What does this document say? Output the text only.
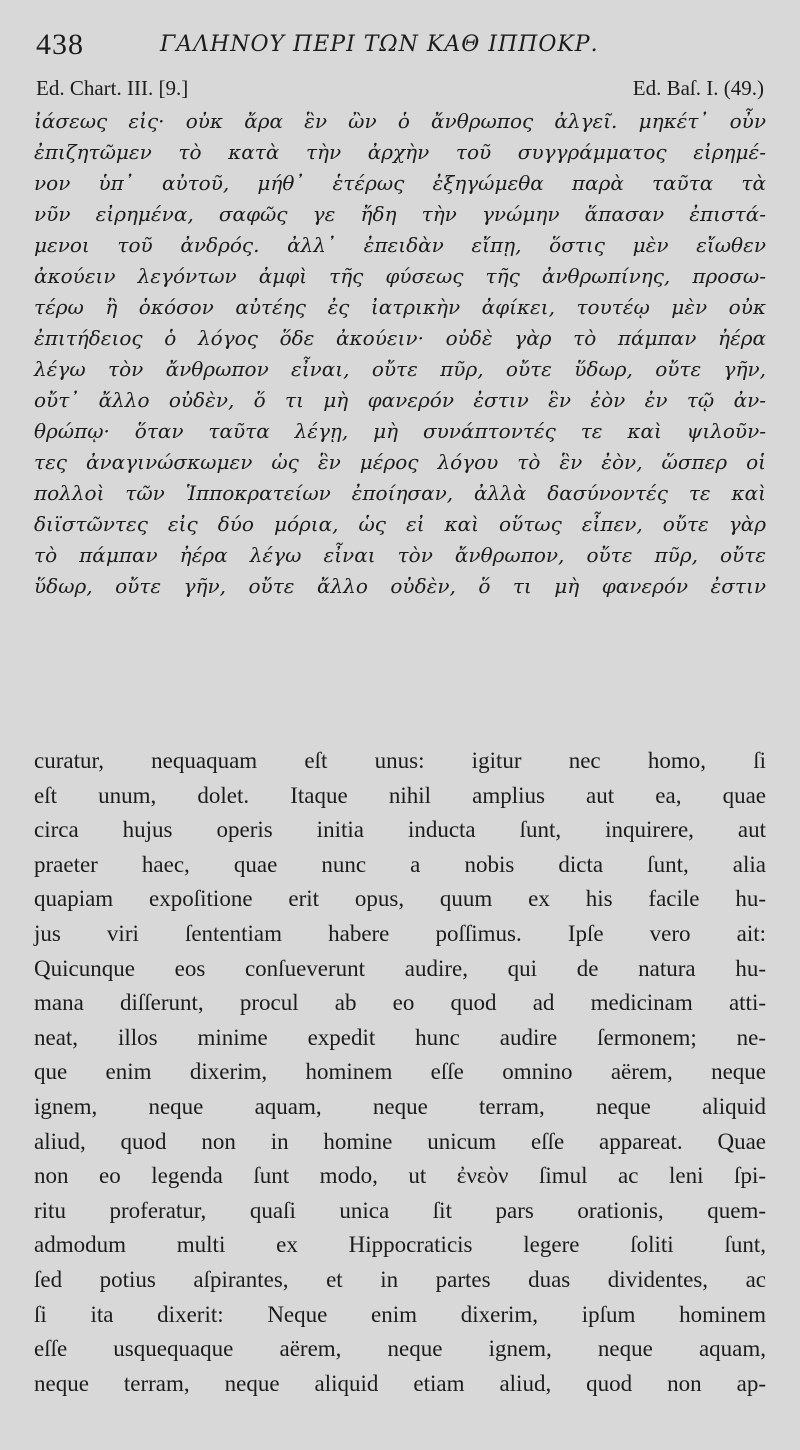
438	ΓΑΛΗΝΟΥ ΠΕΡΙ ΤΩΝ ΚΑΘ ΙΠΠΟΚΡ.
Ed. Chart. III. [9.]	Ed. Baſ. I. (49.)
ἰάσεως εἰς· οὐκ ἄρα ἓν ὢν ὁ ἄνθρωπος ἀλγεῖ. μηκέτ᾽ οὖν
ἐπιζητῶμεν τὸ κατὰ τὴν ἀρχὴν τοῦ συγγράμματος εἰρημέ-
νον ὑπ᾽ αὐτοῦ, μήθ᾽ ἑτέρως ἐξηγώμεθα παρὰ ταῦτα τὰ
νῦν εἰρημένα, σαφῶς γε ἤδη τὴν γνώμην ἅπασαν ἐπιστά-
μενοι τοῦ ἀνδρός. ἀλλ᾽ ἐπειδὰν εἴπῃ, ὅστις μὲν εἴωθεν
ἀκούειν λεγόντων ἀμφὶ τῆς φύσεως τῆς ἀνθρωπίνης, προσω-
τέρω ἢ ὁκόσον αὐτέης ἐς ἰατρικὴν ἀφίκει, τουτέῳ μὲν οὐκ
ἐπιτήδειος ὁ λόγος ὅδε ἀκούειν· οὐδὲ γὰρ τὸ πάμπαν ἠέρα
λέγω τὸν ἄνθρωπον εἶναι, οὔτε πῦρ, οὔτε ὕδωρ, οὔτε γῆν,
οὔτ᾽ ἄλλο οὐδὲν, ὅ τι μὴ φανερόν ἐστιν ἓν ἐὸν ἐν τῷ ἀν-
θρώπῳ· ὅταν ταῦτα λέγῃ, μὴ συνάπτοντές τε καὶ ψιλοῦν-
τες ἀναγινώσκωμεν ὡς ἓν μέρος λόγου τὸ ἓν ἐὸν, ὥσπερ οἱ
πολλοὶ τῶν Ἱπποκρατείων ἐποίησαν, ἀλλὰ δασύνοντές τε καὶ
διϊστῶντες εἰς δύο μόρια, ὡς εἰ καὶ οὕτως εἶπεν, οὔτε γὰρ
τὸ πάμπαν ἠέρα λέγω εἶναι τὸν ἄνθρωπον, οὔτε πῦρ, οὔτε
ὕδωρ, οὔτε γῆν, οὔτε ἄλλο οὐδὲν, ὅ τι μὴ φανερόν ἐστιν
curatur, nequaquam eſt unus: igitur nec homo, ſi
eſt unum, dolet. Itaque nihil amplius aut ea, quae
circa hujus operis initia inducta ſunt, inquirere, aut
praeter haec, quae nunc a nobis dicta ſunt, alia
quapiam expoſitione erit opus, quum ex his facile hu-
jus viri ſententiam habere poſſimus. Ipſe vero ait:
Quicunque eos conſueverunt audire, qui de natura hu-
mana diſſerunt, procul ab eo quod ad medicinam atti-
neat, illos minime expedit hunc audire ſermonem; ne-
que enim dixerim, hominem eſſe omnino aërem, neque
ignem, neque aquam, neque terram, neque aliquid
aliud, quod non in homine unicum eſſe appareat. Quae
non eo legenda ſunt modo, ut ἐνεὸν ſimul ac leni ſpi-
ritu proferatur, quaſi unica ſit pars orationis, quem-
admodum multi ex Hippocraticis legere ſoliti ſunt,
ſed potius aſpirantes, et in partes duas dividentes, ac
ſi ita dixerit: Neque enim dixerim, ipſum hominem
eſſe usquequaque aërem, neque ignem, neque aquam,
neque terram, neque aliquid etiam aliud, quod non ap-
